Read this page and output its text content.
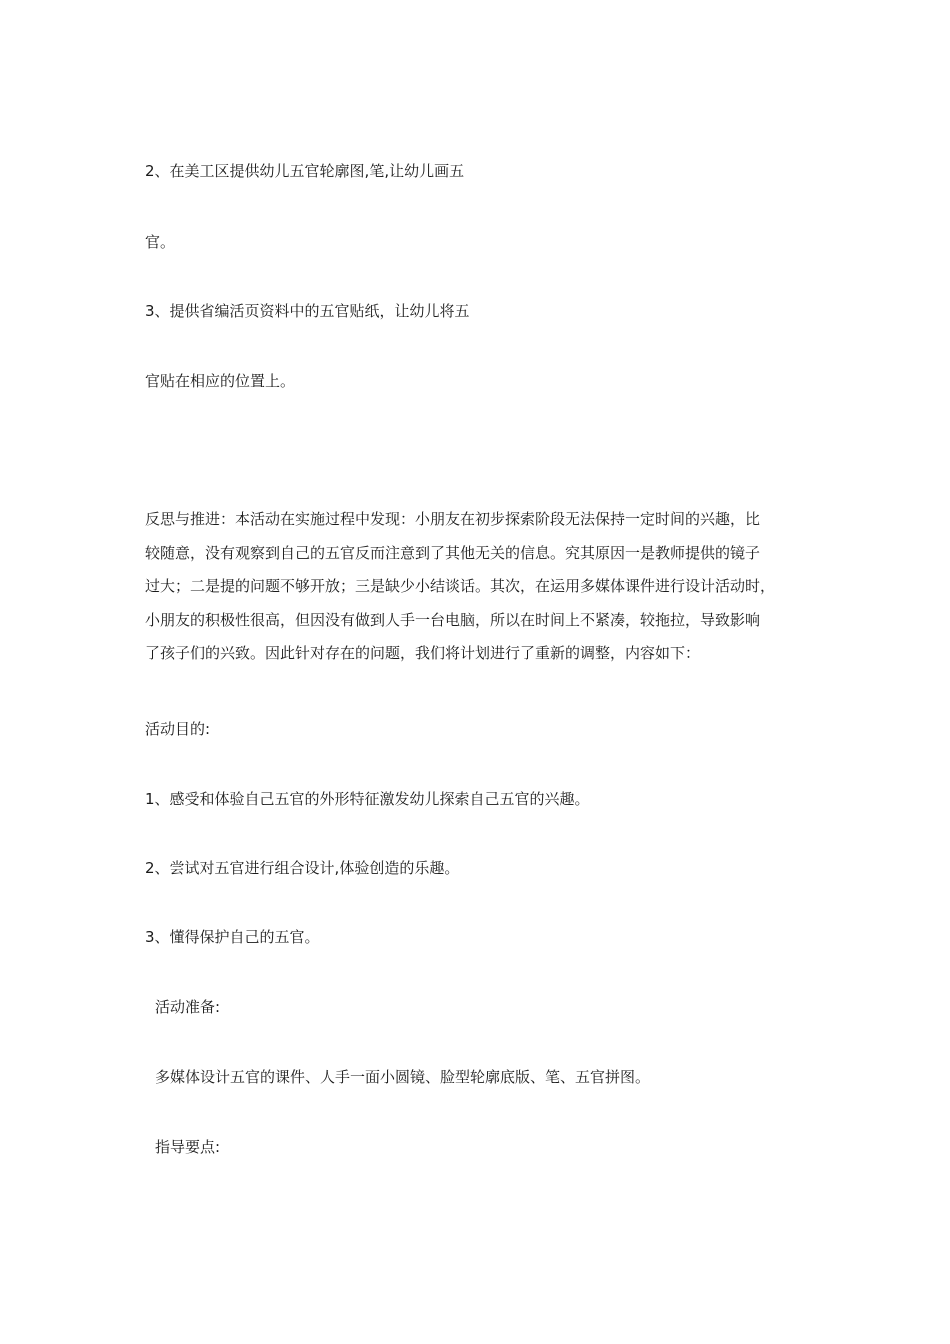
2、在美工区提供幼儿五官轮廓图,笔,让幼儿画五

官。

3、提供省编活页资料中的五官贴纸，让幼儿将五

官贴在相应的位置上。

反思与推进：本活动在实施过程中发现：小朋友在初步探索阶段无法保持一定时间的兴趣，比
较随意，没有观察到自己的五官反而注意到了其他无关的信息。究其原因一是教师提供的镜子
过大；二是提的问题不够开放；三是缺少小结谈话。其次，在运用多媒体课件进行设计活动时，
小朋友的积极性很高，但因没有做到人手一台电脑，所以在时间上不紧凑，较拖拉，导致影响
了孩子们的兴致。因此针对存在的问题，我们将计划进行了重新的调整，内容如下：

活动目的:

1、感受和体验自己五官的外形特征激发幼儿探索自己五官的兴趣。

2、尝试对五官进行组合设计,体验创造的乐趣。

3、懂得保护自己的五官。

活动准备:

多媒体设计五官的课件、人手一面小圆镜、脸型轮廓底版、笔、五官拼图。

指导要点:
